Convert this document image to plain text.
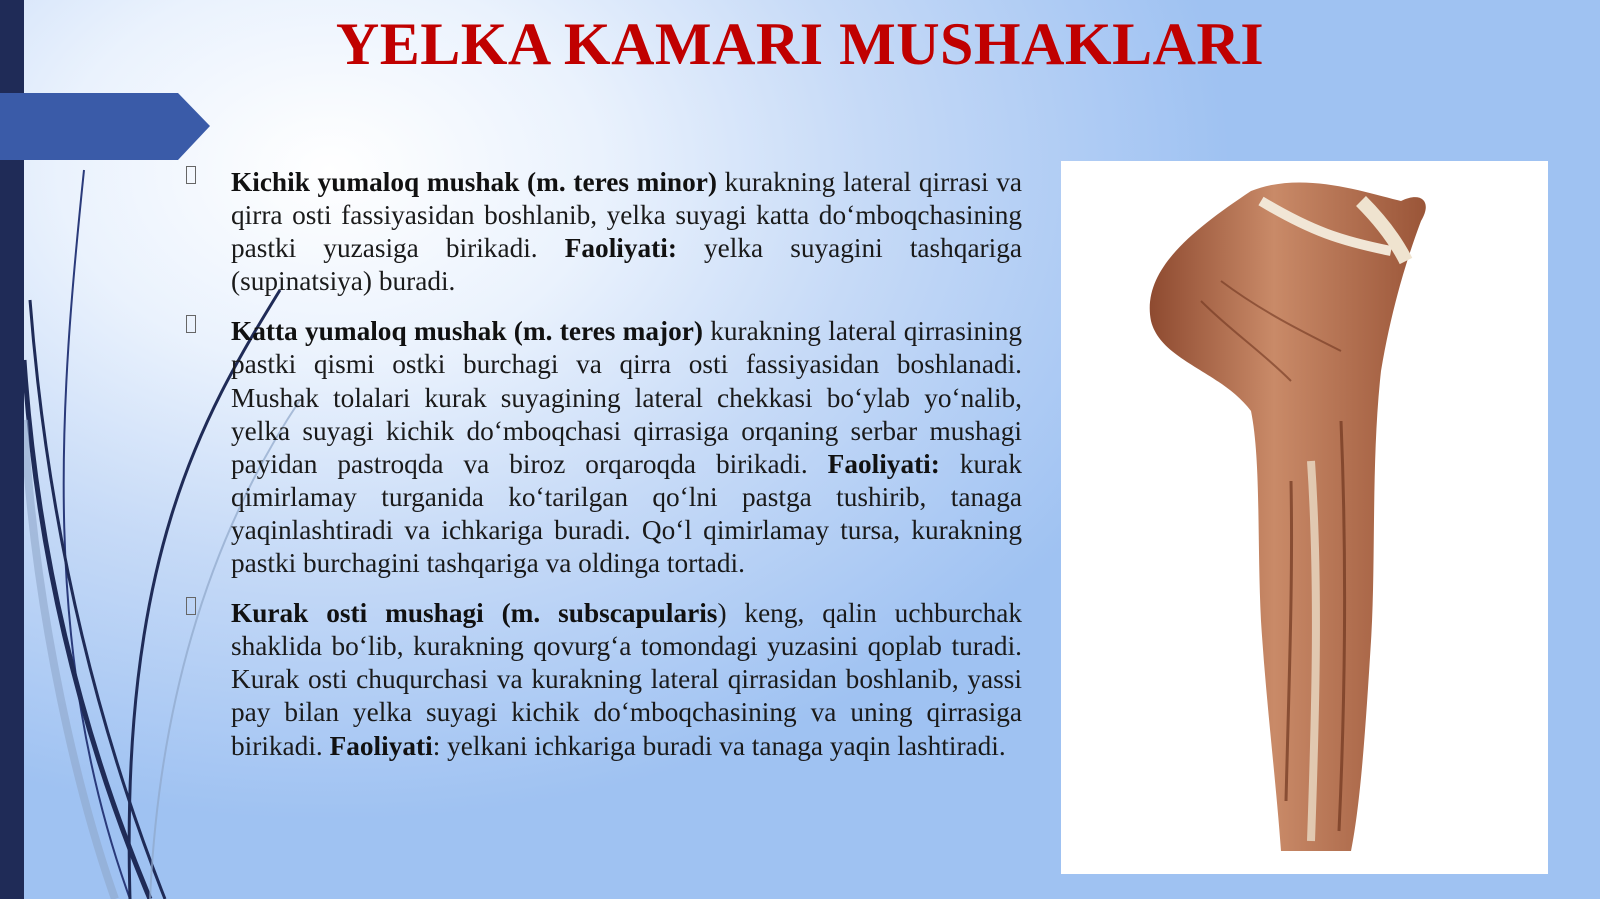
YELKA KAMARI MUSHAKLARI
Kichik yumaloq mushak (m. teres minor) kurakning lateral qirrasi va qirra osti fassiyasidan boshlanib, yelka suyagi katta do‘mboqchasining pastki yuzasiga birikadi. Faoliyati: yelka suyagini tashqariga (supinatsiya) buradi.
Katta yumaloq mushak (m. teres major) kurakning lateral qirrasining pastki qismi ostki burchagi va qirra osti fassiyasidan boshlanadi. Mushak tolalari kurak suyagining lateral chekkasi bo‘ylab yo‘nalib, yelka suyagi kichik do‘mboqchasi qirrasiga orqaning serbar mushagi payidan pastroqda va biroz orqaroqda birikadi. Faoliyati: kurak qimirlamay turganida ko‘tarilgan qo‘lni pastga tushirib, tanaga yaqinlashtiradi va ichkariga buradi. Qo‘l qimirlamay tursa, kurakning pastki burchagini tashqariga va oldinga tortadi.
Kurak osti mushagi (m. subscapularis) keng, qalin uchburchak shaklida bo‘lib, kurakning qovurg‘a tomondagi yuzasini qoplab turadi. Kurak osti chuqurchasi va kurakning lateral qirrasidan boshlanib, yassi pay bilan yelka suyagi kichik do‘mboqchasining va uning qirrasiga birikadi. Faoliyati: yelkani ichkariga buradi va tanaga yaqin lashtiradi.
